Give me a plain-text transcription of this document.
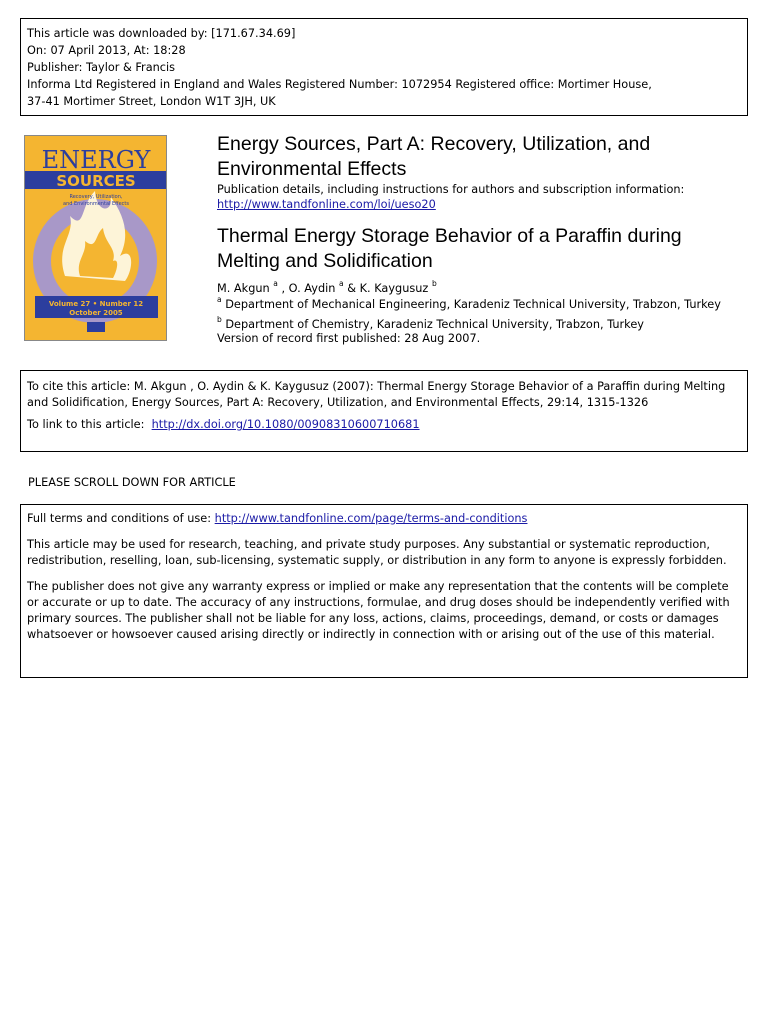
This article was downloaded by: [171.67.34.69]
On: 07 April 2013, At: 18:28
Publisher: Taylor & Francis
Informa Ltd Registered in England and Wales Registered Number: 1072954 Registered office: Mortimer House,
37-41 Mortimer Street, London W1T 3JH, UK
ENERGY
SOURCES
Recovery, Utilization,
and Environmental Effects
Volume 27 • Number 12
October 2005
Energy Sources, Part A: Recovery, Utilization, and
Environmental Effects
Publication details, including instructions for authors and subscription information:
http://www.tandfonline.com/loi/ueso20
Thermal Energy Storage Behavior of a Paraffin during
Melting and Solidification
M. Akgun $^a$ , O. Aydin $^a$ & K. Kaygusuz $^b$
$^a$ Department of Mechanical Engineering, Karadeniz Technical University, Trabzon, Turkey
$^b$ Department of Chemistry, Karadeniz Technical University, Trabzon, Turkey
Version of record first published: 28 Aug 2007.
To cite this article: M. Akgun , O. Aydin & K. Kaygusuz (2007): Thermal Energy Storage Behavior of a Paraffin during Melting
and Solidification, Energy Sources, Part A: Recovery, Utilization, and Environmental Effects, 29:14, 1315-1326
To link to this article: http://dx.doi.org/10.1080/00908310600710681
PLEASE SCROLL DOWN FOR ARTICLE

Full terms and conditions of use: http://www.tandfonline.com/page/terms-and-conditions

This article may be used for research, teaching, and private study purposes. Any substantial or systematic reproduction, redistribution, reselling, loan, sub-licensing, systematic supply, or distribution in any form to anyone is expressly forbidden.

The publisher does not give any warranty express or implied or make any representation that the contents will be complete or accurate or up to date. The accuracy of any instructions, formulae, and drug doses should be independently verified with primary sources. The publisher shall not be liable for any loss, actions, claims, proceedings, demand, or costs or damages whatsoever or howsoever caused arising directly or indirectly in connection with or arising out of the use of this material.
